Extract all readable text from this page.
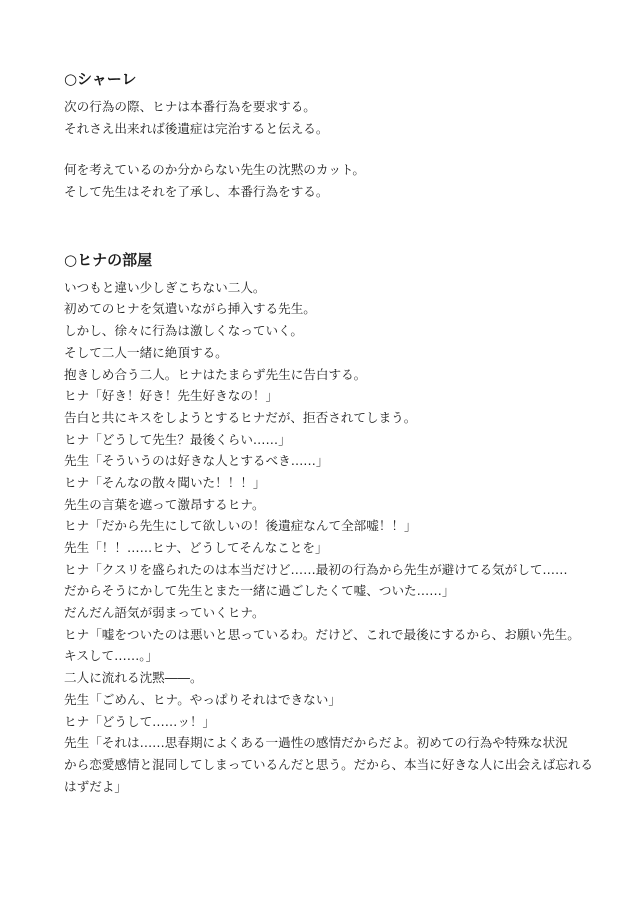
○シャーレ
次の行為の際、ヒナは本番行為を要求する。
それさえ出来れば後遺症は完治すると伝える。
何を考えているのか分からない先生の沈黙のカット。
そして先生はそれを了承し、本番行為をする。
○ヒナの部屋
いつもと違い少しぎこちない二人。
初めてのヒナを気遣いながら挿入する先生。
しかし、徐々に行為は激しくなっていく。
そして二人一緒に絶頂する。
抱きしめ合う二人。ヒナはたまらず先生に告白する。
ヒナ「好き！好き！先生好きなの！」
告白と共にキスをしようとするヒナだが、拒否されてしまう。
ヒナ「どうして先生？最後くらい……」
先生「そういうのは好きな人とするべき……」
ヒナ「そんなの散々聞いた！！！」
先生の言葉を遮って激昂するヒナ。
ヒナ「だから先生にして欲しいの！後遺症なんて全部嘘！！」
先生「！！……ヒナ、どうしてそんなことを」
ヒナ「クスリを盛られたのは本当だけど……最初の行為から先生が避けてる気がして……
だからそうにかして先生とまた一緒に過ごしたくて嘘、ついた……」
だんだん語気が弱まっていくヒナ。
ヒナ「嘘をついたのは悪いと思っているわ。だけど、これで最後にするから、お願い先生。
キスして……。」
二人に流れる沈黙――。
先生「ごめん、ヒナ。やっぱりそれはできない」
ヒナ「どうして……ッ！」
先生「それは……思春期によくある一過性の感情だからだよ。初めての行為や特殊な状況
から恋愛感情と混同してしまっているんだと思う。だから、本当に好きな人に出会えば忘れる
はずだよ」
